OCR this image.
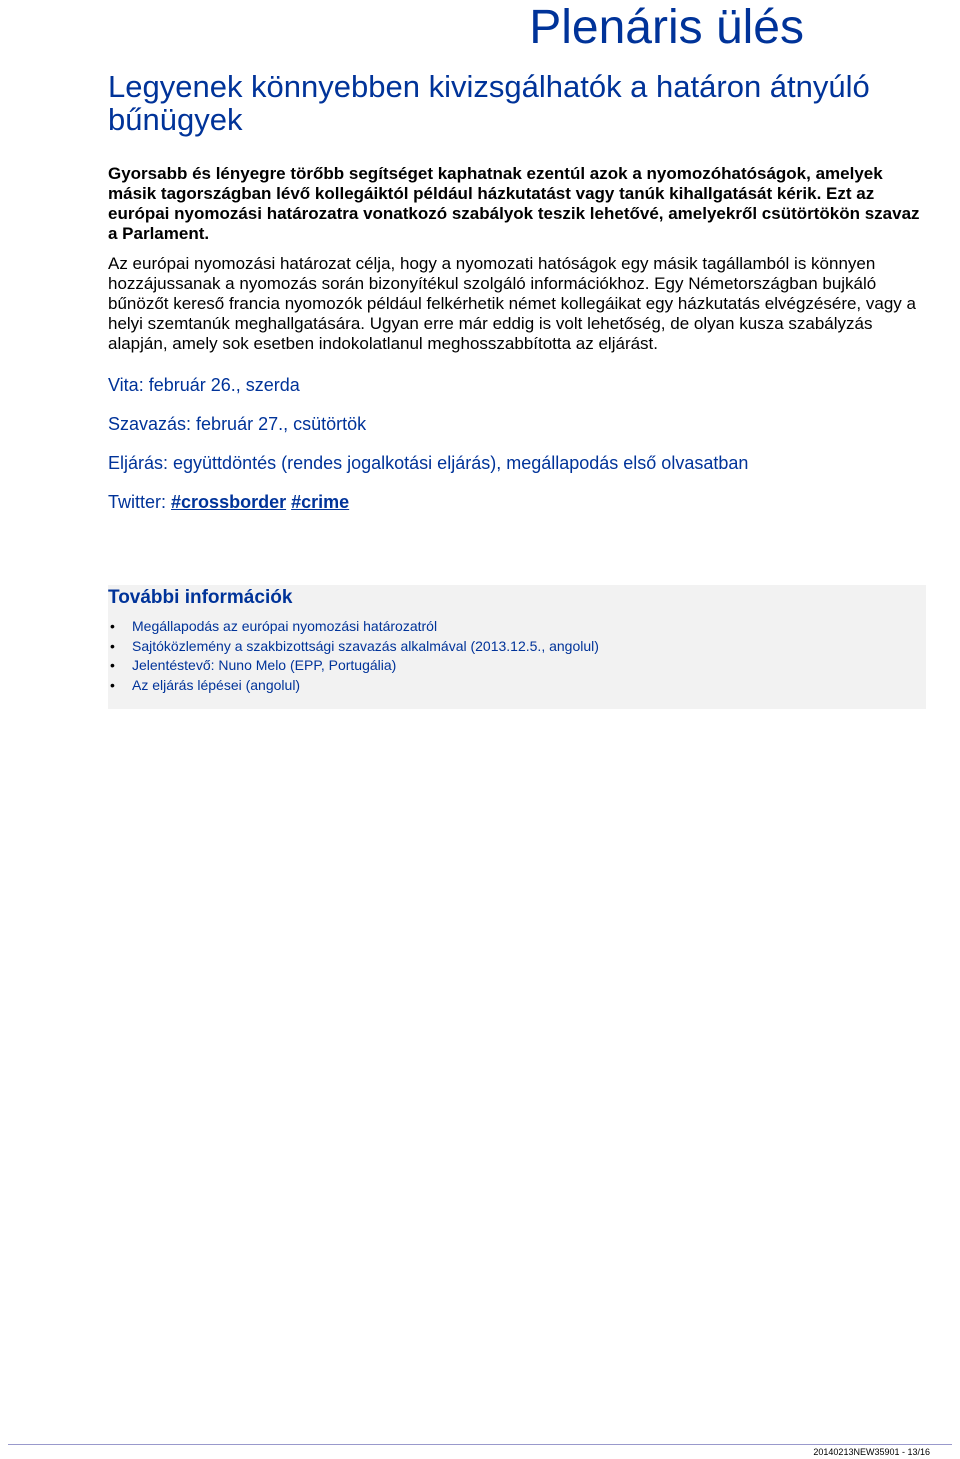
Plenáris ülés
Legyenek könnyebben kivizsgálhatók a határon átnyúló bűnügyek

Gyorsabb és lényegre törőbb segítséget kaphatnak ezentúl azok a nyomozóhatóságok, amelyek másik tagországban lévő kollegáiktól például házkutatást vagy tanúk kihallgatását kérik. Ezt az európai nyomozási határozatra vonatkozó szabályok teszik lehetővé, amelyekről csütörtökön szavaz a Parlament.

Az európai nyomozási határozat célja, hogy a nyomozati hatóságok egy másik tagállamból is könnyen hozzájussanak a nyomozás során bizonyítékul szolgáló információkhoz. Egy Németországban bujkáló bűnözőt kereső francia nyomozók például felkérhetik német kollegáikat egy házkutatás elvégzésére, vagy a helyi szemtanúk meghallgatására. Ugyan erre már eddig is volt lehetőség, de olyan kusza szabályzás alapján, amely sok esetben indokolatlanul meghosszabbította az eljárást.

Vita: február 26., szerda

Szavazás: február 27., csütörtök

Eljárás: együttdöntés (rendes jogalkotási eljárás), megállapodás első olvasatban

Twitter: #crossborder #crime

További információk
• Megállapodás az európai nyomozási határozatról
• Sajtóközlemény a szakbizottsági szavazás alkalmával (2013.12.5., angolul)
• Jelentéstevő: Nuno Melo (EPP, Portugália)
• Az eljárás lépései (angolul)
20140213NEW35901 - 13/16
